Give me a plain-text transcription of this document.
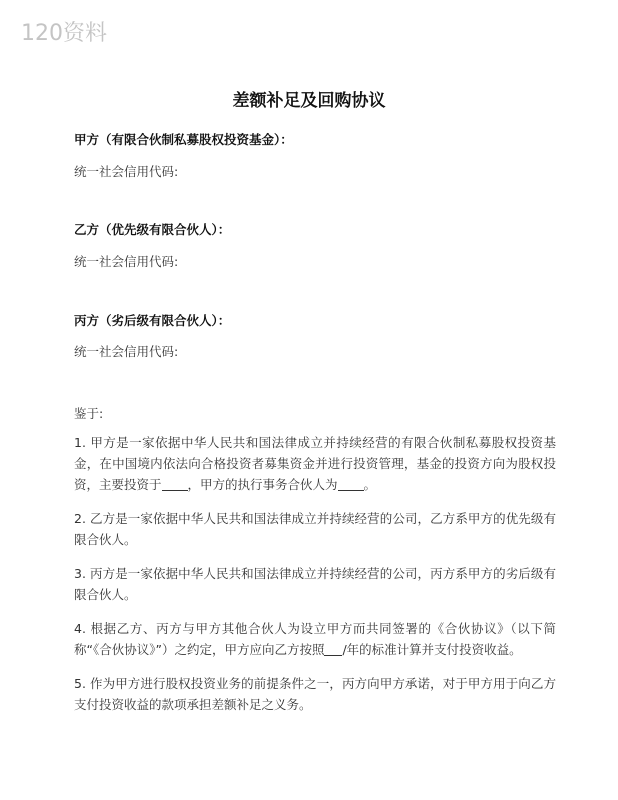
120资料
差额补足及回购协议
甲方（有限合伙制私募股权投资基金）：
统一社会信用代码:
乙方（优先级有限合伙人）：
统一社会信用代码:
丙方（劣后级有限合伙人）：
统一社会信用代码:
鉴于:

1. 甲方是一家依据中华人民共和国法律成立并持续经营的有限合伙制私募股权投资基金，在中国境内依法向合格投资者募集资金并进行投资管理，基金的投资方向为股权投资，主要投资于 ，甲方的执行事务合伙人为 。

2. 乙方是一家依据中华人民共和国法律成立并持续经营的公司，乙方系甲方的优先级有限合伙人。

3. 丙方是一家依据中华人民共和国法律成立并持续经营的公司，丙方系甲方的劣后级有限合伙人。

4. 根据乙方、丙方与甲方其他合伙人为设立甲方而共同签署的《合伙协议》（以下简称“《合伙协议》”）之约定，甲方应向乙方按照 /年的标准计算并支付投资收益。

5. 作为甲方进行股权投资业务的前提条件之一，丙方向甲方承诺，对于甲方用于向乙方支付投资收益的款项承担差额补足之义务。
